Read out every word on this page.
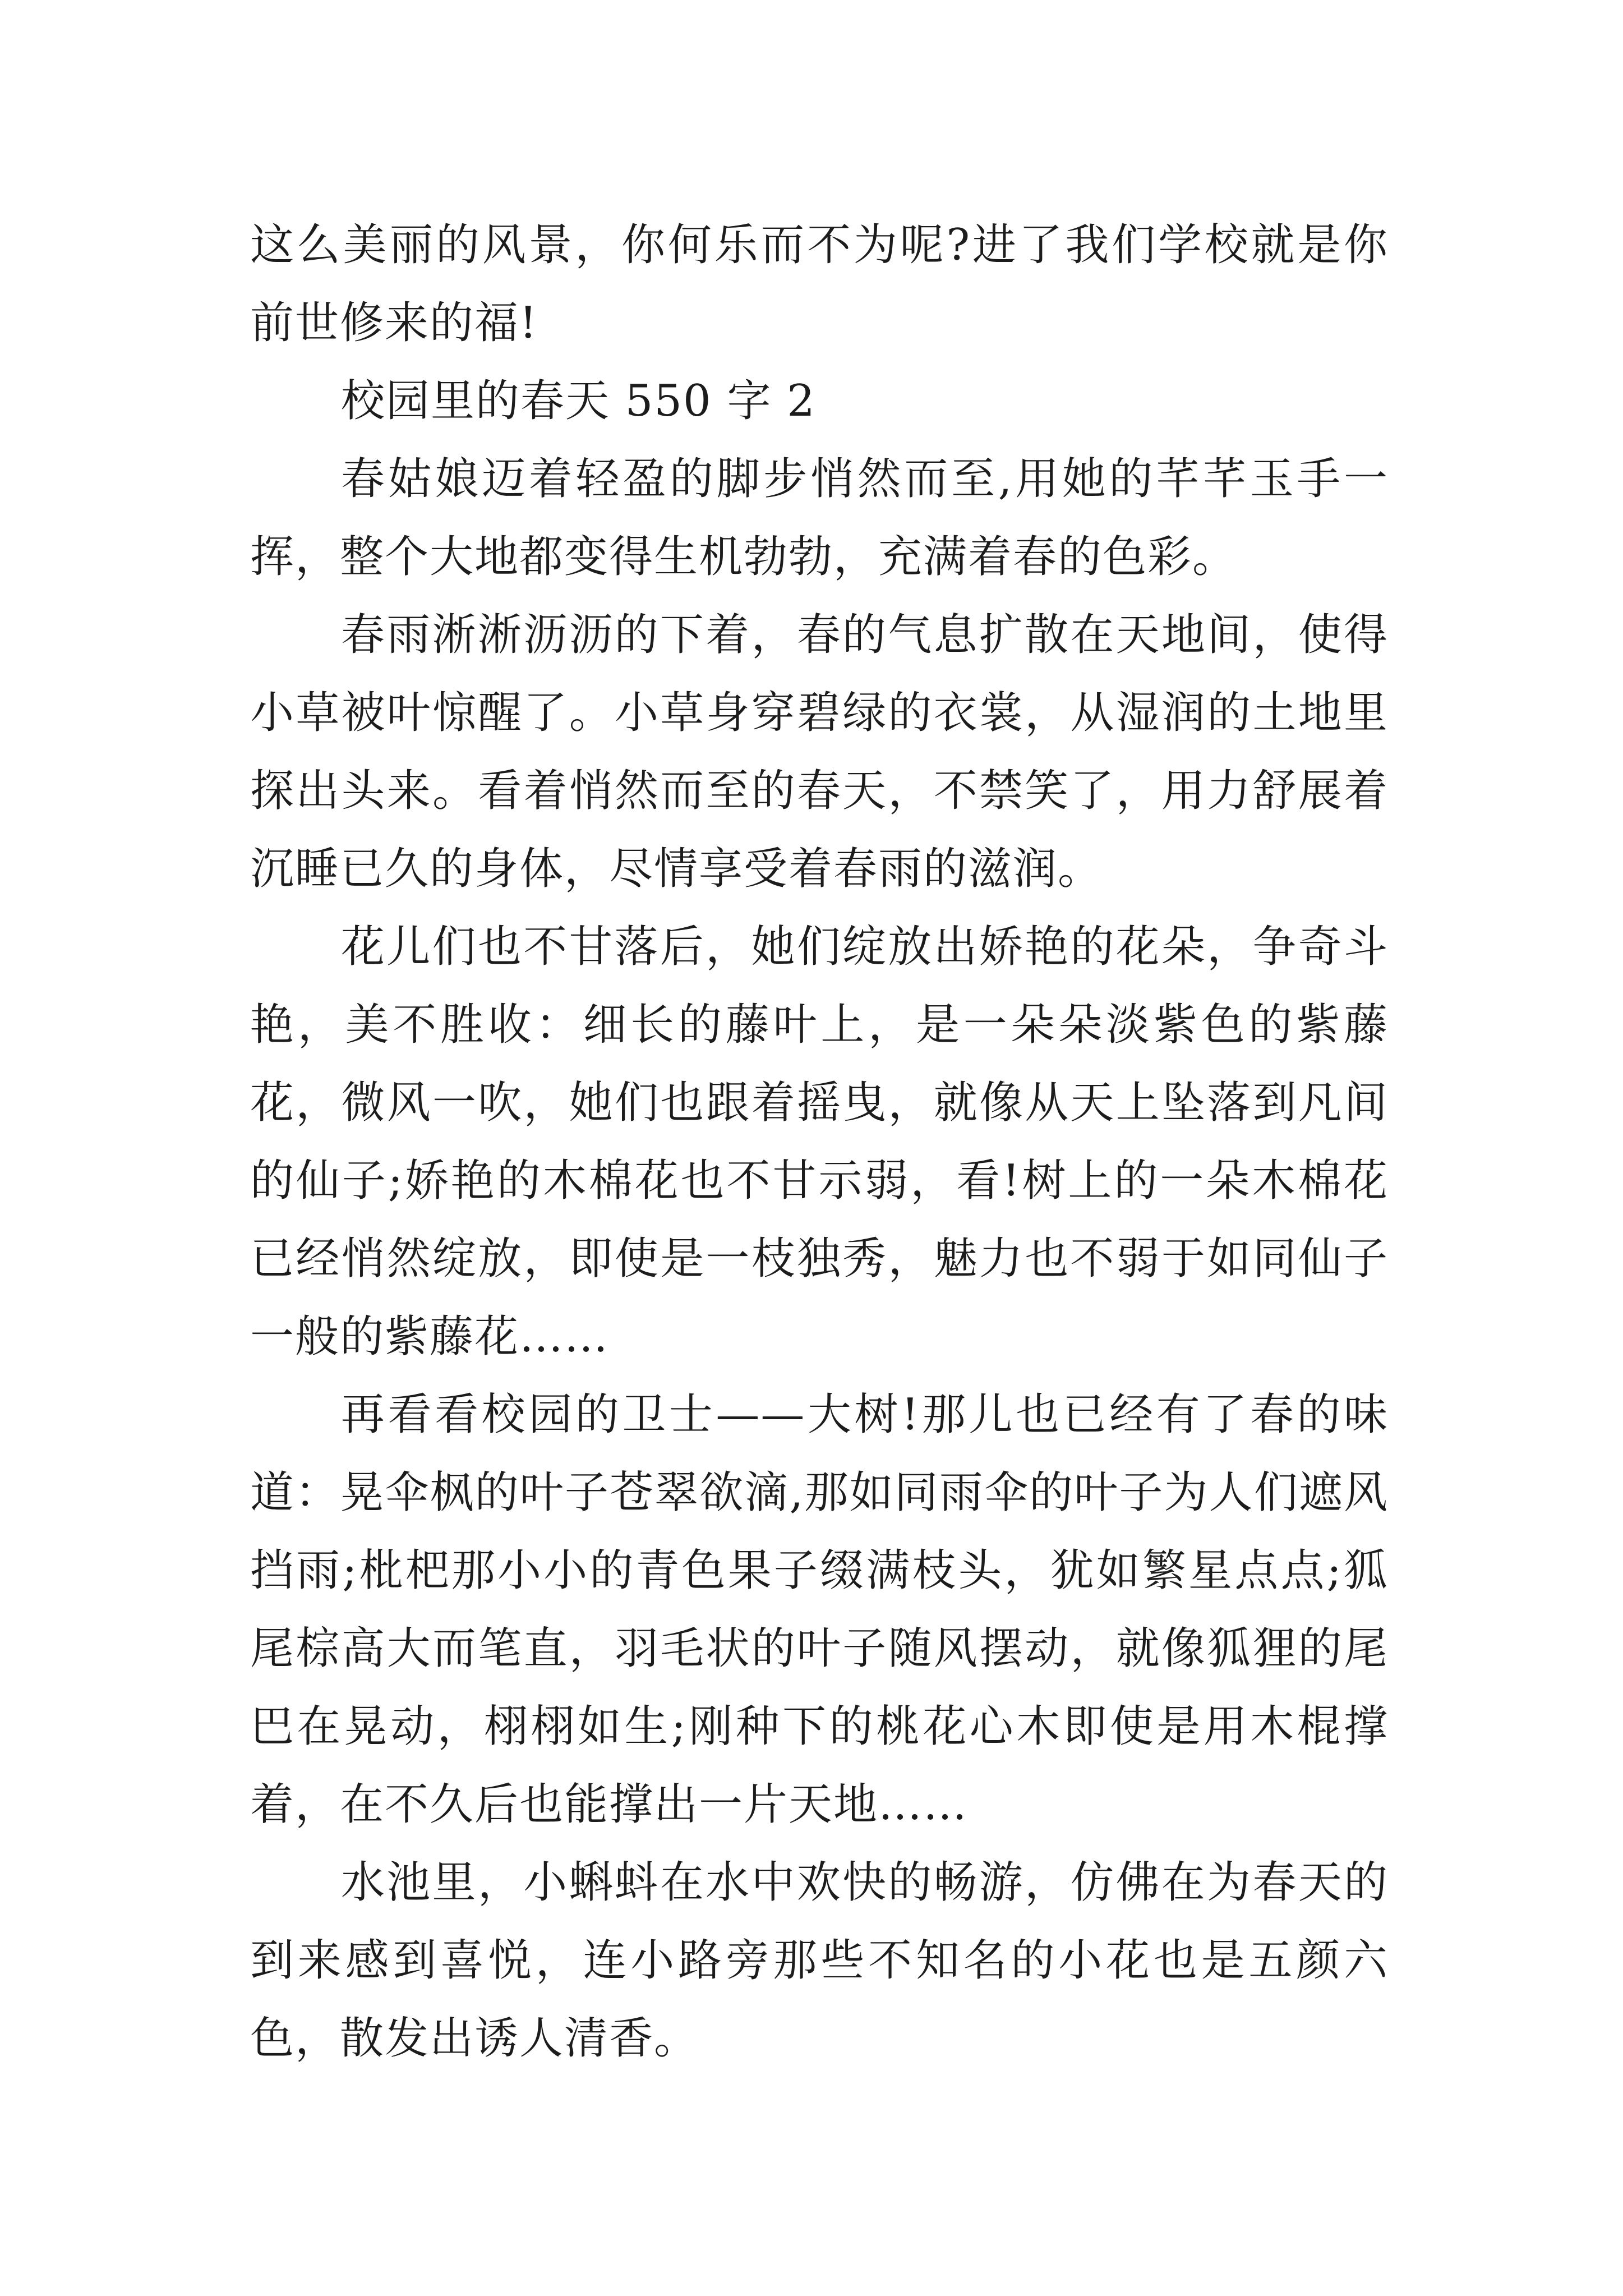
这么美丽的风景，你何乐而不为呢?进了我们学校就是你前世修来的福!

校园里的春天 550 字 2

春姑娘迈着轻盈的脚步悄然而至,用她的芊芊玉手一挥，整个大地都变得生机勃勃，充满着春的色彩。

春雨淅淅沥沥的下着，春的气息扩散在天地间，使得小草被叶惊醒了。小草身穿碧绿的衣裳，从湿润的土地里探出头来。看着悄然而至的春天，不禁笑了，用力舒展着沉睡已久的身体，尽情享受着春雨的滋润。

花儿们也不甘落后，她们绽放出娇艳的花朵，争奇斗艳，美不胜收：细长的藤叶上，是一朵朵淡紫色的紫藤花，微风一吹，她们也跟着摇曳，就像从天上坠落到凡间的仙子;娇艳的木棉花也不甘示弱，看!树上的一朵木棉花已经悄然绽放，即使是一枝独秀，魅力也不弱于如同仙子一般的紫藤花……

再看看校园的卫士——大树!那儿也已经有了春的味道：晃伞枫的叶子苍翠欲滴,那如同雨伞的叶子为人们遮风挡雨;枇杷那小小的青色果子缀满枝头，犹如繁星点点;狐尾棕高大而笔直，羽毛状的叶子随风摆动，就像狐狸的尾巴在晃动，栩栩如生;刚种下的桃花心木即使是用木棍撑着，在不久后也能撑出一片天地……

水池里，小蝌蚪在水中欢快的畅游，仿佛在为春天的到来感到喜悦，连小路旁那些不知名的小花也是五颜六色，散发出诱人清香。
